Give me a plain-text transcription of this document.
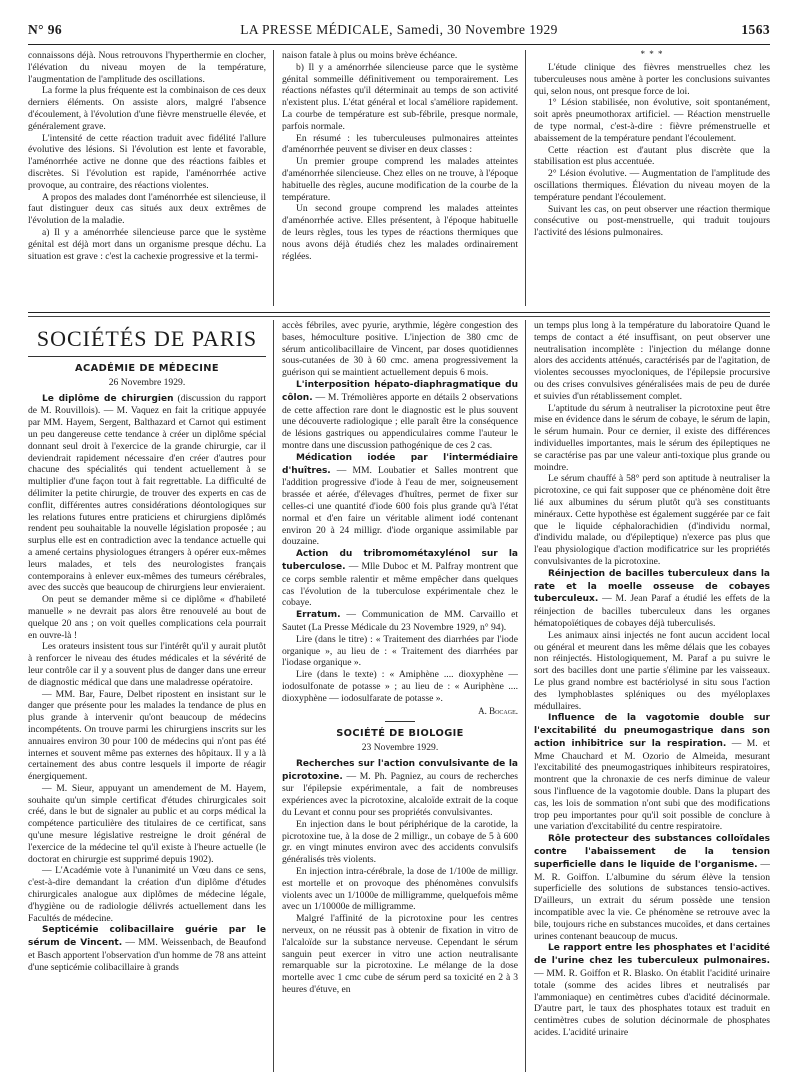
N° 96	LA PRESSE MÉDICALE, Samedi, 30 Novembre 1929	1563

connaissons déjà. Nous retrouvons l'hyperthermie en clocher, l'élévation du niveau moyen de la température, l'augmentation de l'amplitude des oscillations.

La forme la plus fréquente est la combinaison de ces deux derniers éléments. On assiste alors, malgré l'absence d'écoulement, à l'évolution d'une fièvre menstruelle élevée, et généralement grave.

L'intensité de cette réaction traduit avec fidélité l'allure évolutive des lésions. Si l'évolution est lente et favorable, l'aménorrhée active ne donne que des réactions faibles et discrètes. Si l'évolution est rapide, l'aménorrhée active provoque, au contraire, des réactions violentes.

A propos des malades dont l'aménorrhée est silencieuse, il faut distinguer deux cas situés aux deux extrêmes de l'évolution de la maladie.

a) Il y a aménorrhée silencieuse parce que le système génital est déjà mort dans un organisme presque déchu. La situation est grave : c'est la cachexie progressive et la termi-

naison fatale à plus ou moins brève échéance.

b) Il y a aménorrhée silencieuse parce que le système génital sommeille définitivement ou temporairement. Les réactions néfastes qu'il déterminait au temps de son activité n'existent plus. L'état général et local s'améliore rapidement. La courbe de température est sub-fébrile, presque normale, parfois normale.

En résumé : les tuberculeuses pulmonaires atteintes d'aménorrhée peuvent se diviser en deux classes :

Un premier groupe comprend les malades atteintes d'aménorrhée silencieuse. Chez elles on ne trouve, à l'époque habituelle des règles, aucune modification de la courbe de la température.

Un second groupe comprend les malades atteintes d'aménorrhée active. Elles présentent, à l'époque habituelle de leurs règles, tous les types de réactions thermiques que nous avons déjà étudiés chez les malades ordinairement réglées.

* * *

L'étude clinique des fièvres menstruelles chez les tuberculeuses nous amène à porter les conclusions suivantes qui, selon nous, ont presque force de loi.

1° Lésion stabilisée, non évolutive, soit spontanément, soit après pneumothorax artificiel. — Réaction menstruelle de type normal, c'est-à-dire : fièvre prémenstruelle et abaissement de la température pendant l'écoulement.

Cette réaction est d'autant plus discrète que la stabilisation est plus accentuée.

2° Lésion évolutive. — Augmentation de l'amplitude des oscillations thermiques. Élévation du niveau moyen de la température pendant l'écoulement.

Suivant les cas, on peut observer une réaction thermique consécutive ou post-menstruelle, qui traduit toujours l'activité des lésions pulmonaires.

SOCIÉTÉS DE PARIS
ACADÉMIE DE MÉDECINE
26 Novembre 1929.

Le diplôme de chirurgien (discussion du rapport de M. Rouvillois). — M. Vaquez en fait la critique appuyée par MM. Hayem, Sergent, Balthazard et Carnot qui estiment un peu dangereuse cette tendance à créer un diplôme spécial donnant seul droit à l'exercice de la grande chirurgie, car il deviendrait rapidement nécessaire d'en créer d'autres pour chacune des spécialités qui tendent actuellement à se multiplier d'une façon tout à fait regrettable. La difficulté de délimiter la petite chirurgie, de trouver des experts en cas de conflit, différentes autres considérations déontologiques sur les relations futures entre praticiens et chirurgiens diplômés rendent peu souhaitable la nouvelle législation proposée ; au surplus elle est en contradiction avec la tendance actuelle qui a amené certains physiologues étrangers à opérer eux-mêmes leurs malades, et tels des neurologistes français contemporains à enlever eux-mêmes des tumeurs cérébrales, avec des succès que beaucoup de chirurgiens leur envieraient.

On peut se demander même si ce diplôme « d'habileté manuelle » ne devrait pas alors être renouvelé au bout de quelque 20 ans ; on voit quelles complications cela pourrait en ouvre-là !

Les orateurs insistent tous sur l'intérêt qu'il y aurait plutôt à renforcer le niveau des études médicales et la sévérité de leur contrôle car il y a souvent plus de danger dans une erreur de diagnostic médical que dans une maladresse opératoire.

— MM. Bar, Faure, Delbet ripostent en insistant sur le danger que présente pour les malades la tendance de plus en plus grande à intervenir qu'ont beaucoup de médecins incompétents. On trouve parmi les chirurgiens inscrits sur les annuaires environ 30 pour 100 de médecins qui n'ont pas été internes et souvent même pas externes des hôpitaux. Il y a là certainement des abus contre lesquels il importe de réagir énergiquement.

— M. Sieur, appuyant un amendement de M. Hayem, souhaite qu'un simple certificat d'études chirurgicales soit créé, dans le but de signaler au public et au corps médical la compétence particulière des titulaires de ce certificat, sans qu'une mesure législative restreigne le droit général de l'exercice de la médecine tel qu'il existe à l'heure actuelle (le doctorat en chirurgie est supprimé depuis 1902).

— L'Académie vote à l'unanimité un Vœu dans ce sens, c'est-à-dire demandant la création d'un diplôme d'études chirurgicales analogue aux diplômes de médecine légale, d'hygiène ou de radiologie délivrés actuellement dans les Facultés de médecine.

Septicémie colibacillaire guérie par le sérum de Vincent. — MM. Weissenbach, de Beaufond et Basch apportent l'observation d'un homme de 78 ans atteint d'une septicémie colibacillaire à grands

accès fébriles, avec pyurie, arythmie, légère congestion des bases, hémoculture positive. L'injection de 380 cmc de sérum anticolibacillaire de Vincent, par doses quotidiennes sous-cutanées de 30 à 60 cmc. amena progressivement la guérison qui se maintient actuellement depuis 6 mois.

L'interposition hépato-diaphragmatique du côlon. — M. Trémolières apporte en détails 2 observations de cette affection rare dont le diagnostic est le plus souvent une découverte radiologique ; elle paraît être la conséquence de lésions gastriques ou appendiculaires comme l'auteur le montre dans une discussion pathogénique de ces 2 cas.

Médication iodée par l'intermédiaire d'huîtres. — MM. Loubatier et Salles montrent que l'addition progressive d'iode à l'eau de mer, soigneusement brassée et aérée, d'élevages d'huîtres, permet de fixer sur celles-ci une quantité d'iode 600 fois plus grande qu'à l'état normal et d'en faire un véritable aliment iodé contenant environ 20 à 24 milligr. d'iode organique assimilable par douzaine.

Action du tribromométaxylénol sur la tuberculose. — Mlle Duboc et M. Palfray montrent que ce corps semble ralentir et même empêcher dans quelques cas l'évolution de la tuberculose expérimentale chez le cobaye.

Erratum. — Communication de MM. Carvaillo et Sautet (La Presse Médicale du 23 Novembre 1929, n° 94).

Lire (dans le titre) : « Traitement des diarrhées par l'iode organique », au lieu de : « Traitement des diarrhées par l'iodase organique ».

Lire (dans le texte) : « Amiphène .... dioxyphène — iodosulfonate de potasse » ; au lieu de : « Auriphène .... dioxyphène — iodosulfarate de potasse ».

A. Bocage.
SOCIÉTÉ DE BIOLOGIE
23 Novembre 1929.

Recherches sur l'action convulsivante de la picrotoxine. — M. Ph. Pagniez, au cours de recherches sur l'épilepsie expérimentale, a fait de nombreuses expériences avec la picrotoxine, alcaloïde extrait de la coque du Levant et connu pour ses propriétés convulsivantes.

En injection dans le bout périphérique de la carotide, la picrotoxine tue, à la dose de 2 milligr., un cobaye de 5 à 600 gr. en vingt minutes environ avec des accidents convulsifs généralisés très violents.

En injection intra-cérébrale, la dose de 1/100e de milligr. est mortelle et on provoque des phénomènes convulsifs violents avec un 1/1000e de milligramme, quelquefois même avec un 1/10000e de milligramme.

Malgré l'affinité de la picrotoxine pour les centres nerveux, on ne réussit pas à obtenir de fixation in vitro de l'alcaloïde sur la substance nerveuse. Cependant le sérum sanguin peut exercer in vitro une action neutralisante remarquable sur la picrotoxine. Le mélange de la dose mortelle avec 1 cmc cube de sérum perd sa toxicité en 2 à 3 heures d'étuve, en

un temps plus long à la température du laboratoire Quand le temps de contact a été insuffisant, on peut observer une neutralisation incomplète : l'injection du mélange donne alors des accidents atténués, caractérisés par de l'agitation, de violentes secousses myocloniques, de l'épilepsie procursive ou des crises convulsives généralisées mais de peu de durée et suivies d'un rétablissement complet.

L'aptitude du sérum à neutraliser la picrotoxine peut être mise en évidence dans le sérum de cobaye, le sérum de lapin, le sérum humain. Pour ce dernier, il existe des différences individuelles importantes, mais le sérum des épileptiques ne se caractérise pas par une valeur anti-toxique plus grande ou moindre.

Le sérum chauffé à 58° perd son aptitude à neutraliser la picrotoxine, ce qui fait supposer que ce phénomène doit être lié aux albumines du sérum plutôt qu'à ses constituants minéraux. Cette hypothèse est également suggérée par ce fait que le liquide céphalorachidien (d'individu normal, d'individu malade, ou d'épileptique) n'exerce pas plus que l'eau physiologique d'action modificatrice sur les propriétés convulsivantes de la picrotoxine.

Réinjection de bacilles tuberculeux dans la rate et la moelle osseuse de cobayes tuberculeux. — M. Jean Paraf a étudié les effets de la réinjection de bacilles tuberculeux dans les organes hématopoïétiques de cobayes déjà tuberculisés.

Les animaux ainsi injectés ne font aucun accident local ou général et meurent dans les même délais que les cobayes non réinjectés. Histologiquement, M. Paraf a pu suivre le sort des bacilles dont une partie s'élimine par les vaisseaux. Le plus grand nombre est bactériolysé in situ sous l'action des lymphoblastes spléniques ou des myéloplaxes médullaires.

Influence de la vagotomie double sur l'excitabilité du pneumogastrique dans son action inhibitrice sur la respiration. — M. et Mme Chauchard et M. Ozorio de Almeida, mesurant l'excitabilité des pneumogastriques inhibiteurs respiratoires, montrent que la chronaxie de ces nerfs diminue de valeur sous l'influence de la vagotomie double. Dans la plupart des cas, les lois de sommation n'ont subi que des modifications trop peu importantes pour qu'il soit possible de conclure à une variation d'excitabilité du centre respiratoire.

Rôle protecteur des substances colloïdales contre l'abaissement de la tension superficielle dans le liquide de l'organisme. — M. R. Goiffon. L'albumine du sérum élève la tension superficielle des solutions de substances tensio-actives. D'ailleurs, un extrait du sérum possède une tension incompatible avec la vie. Ce phénomène se retrouve avec la bile, toujours riche en substances mucoïdes, et dans certaines urines contenant beaucoup de mucus.

Le rapport entre les phosphates et l'acidité de l'urine chez les tuberculeux pulmonaires. — MM. R. Goiffon et R. Blasko. On établit l'acidité urinaire totale (somme des acides libres et neutralisés par l'ammoniaque) en centimètres cubes d'acidité décinormale. D'autre part, le taux des phosphates totaux est traduit en centimètres cubes de solution décinormale de phosphates acides. L'acidité urinaire
